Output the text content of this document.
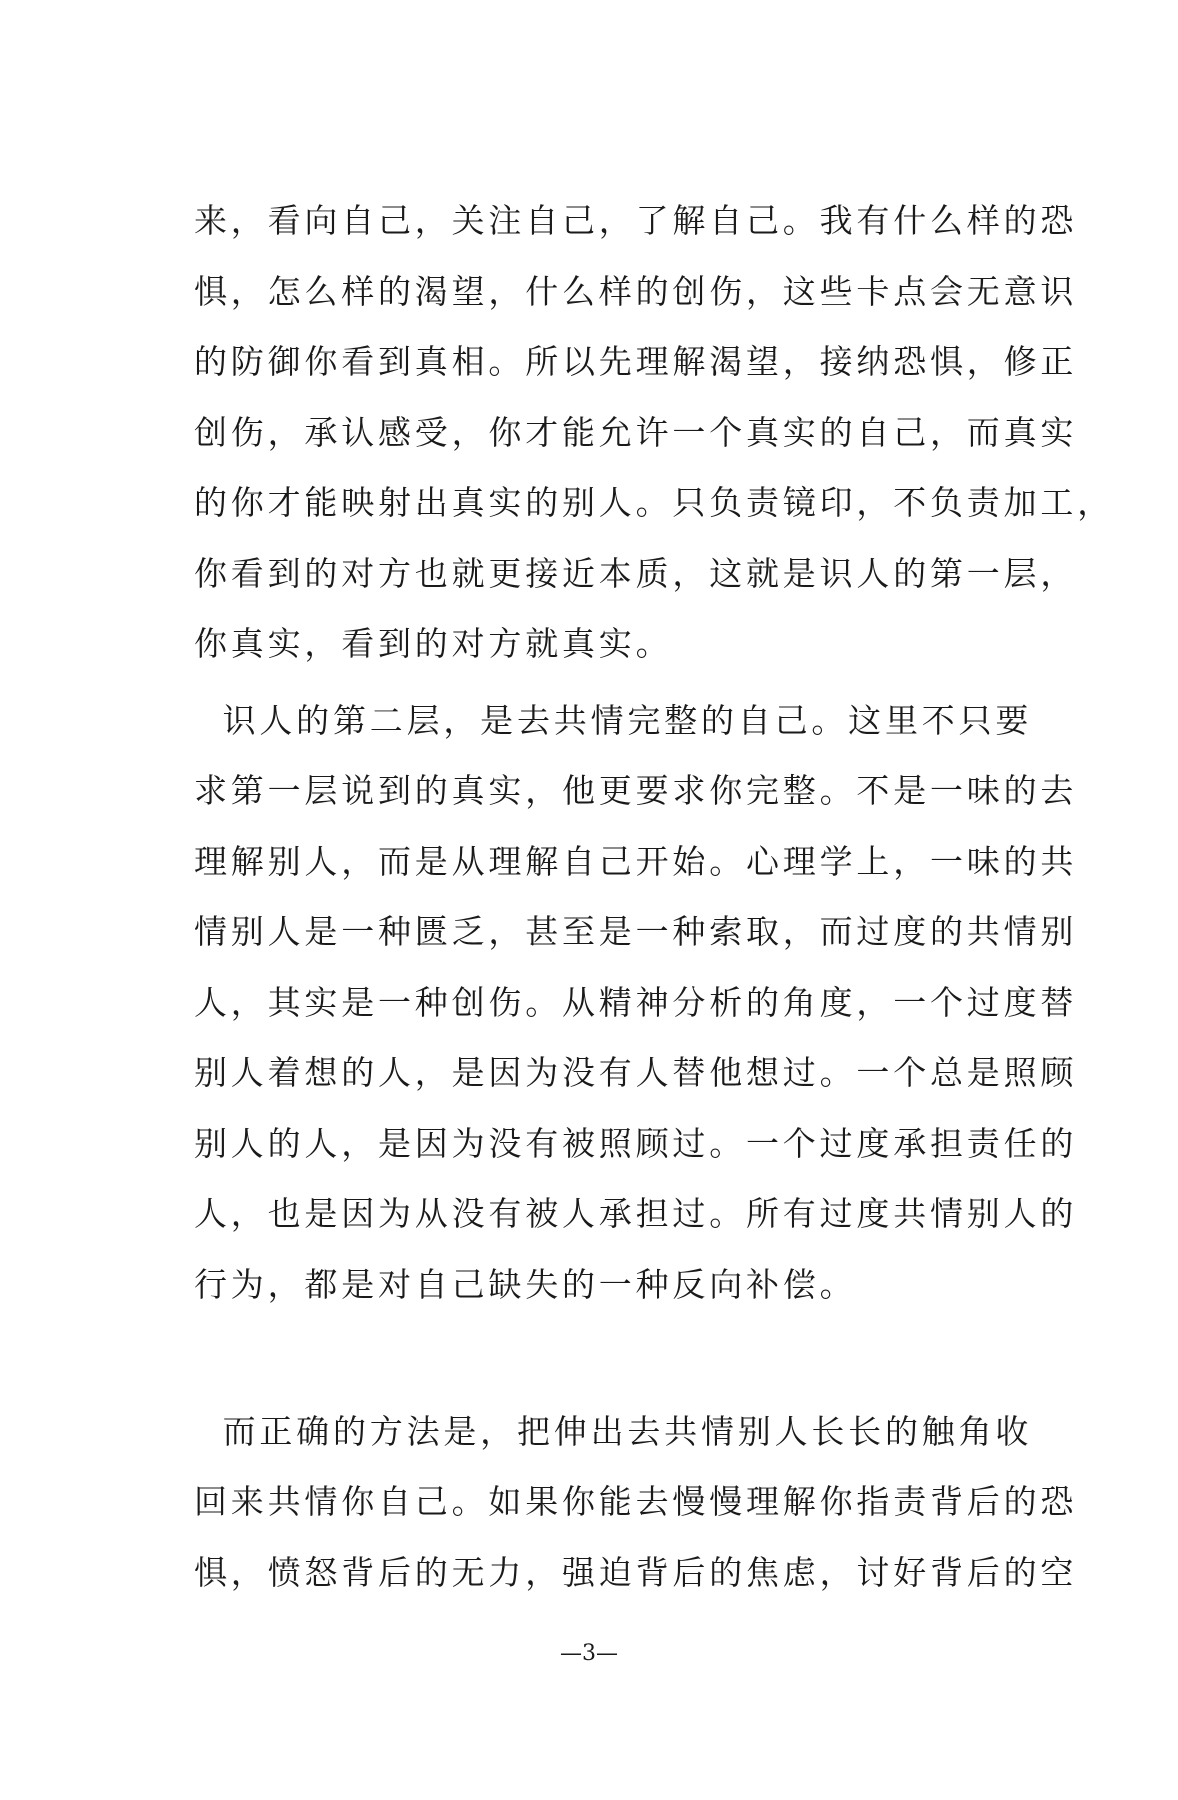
来，看向自己，关注自己，了解自己。我有什么样的恐
惧，怎么样的渴望，什么样的创伤，这些卡点会无意识
的防御你看到真相。所以先理解渴望，接纳恐惧，修正
创伤，承认感受，你才能允许一个真实的自己，而真实
的你才能映射出真实的别人。只负责镜印，不负责加工，
你看到的对方也就更接近本质，这就是识人的第一层，
你真实，看到的对方就真实。

识人的第二层，是去共情完整的自己。这里不只要
求第一层说到的真实，他更要求你完整。不是一味的去
理解别人，而是从理解自己开始。心理学上，一味的共
情别人是一种匮乏，甚至是一种索取，而过度的共情别
人，其实是一种创伤。从精神分析的角度，一个过度替
别人着想的人，是因为没有人替他想过。一个总是照顾
别人的人，是因为没有被照顾过。一个过度承担责任的
人，也是因为从没有被人承担过。所有过度共情别人的
行为，都是对自己缺失的一种反向补偿。

而正确的方法是，把伸出去共情别人长长的触角收
回来共情你自己。如果你能去慢慢理解你指责背后的恐
惧，愤怒背后的无力，强迫背后的焦虑，讨好背后的空

—3—
